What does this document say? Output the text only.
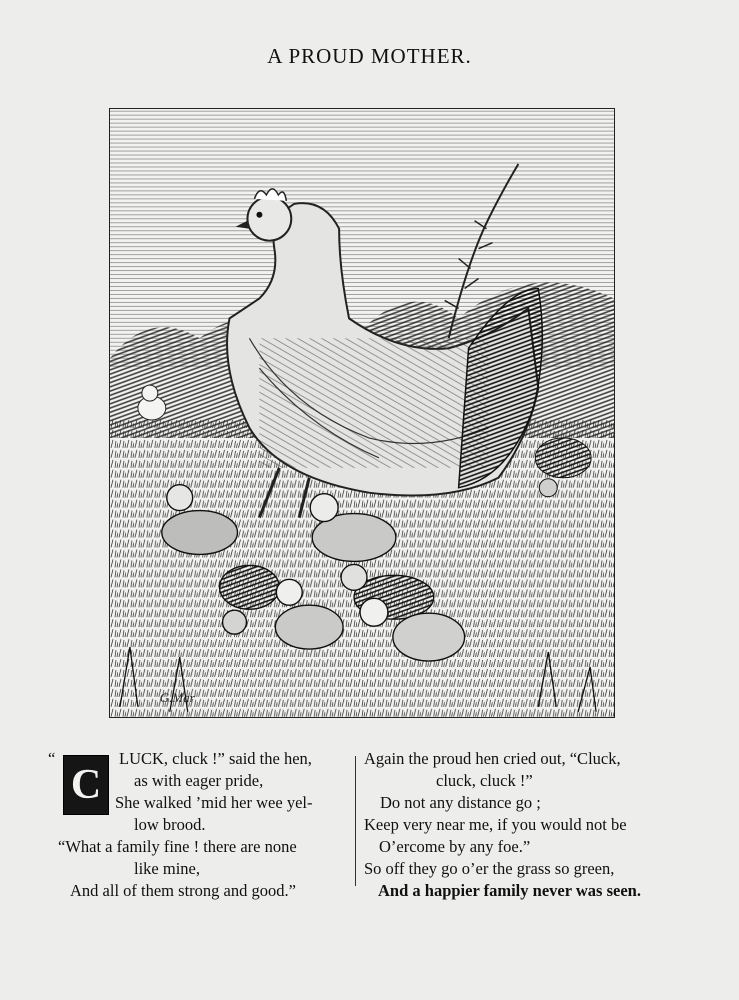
A PROUD MOTHER.
G.Mar
“
C
LUCK, cluck !” said the hen,
as with eager pride,
She walked ’mid her wee yel-
low brood.
“What a family fine ! there are none
like mine,
And all of them strong and good.”
Again the proud hen cried out, “Cluck,
cluck, cluck !”
Do not any distance go ;
Keep very near me, if you would not be
O’ercome by any foe.”
So off they go o’er the grass so green,
And a happier family never was seen.
